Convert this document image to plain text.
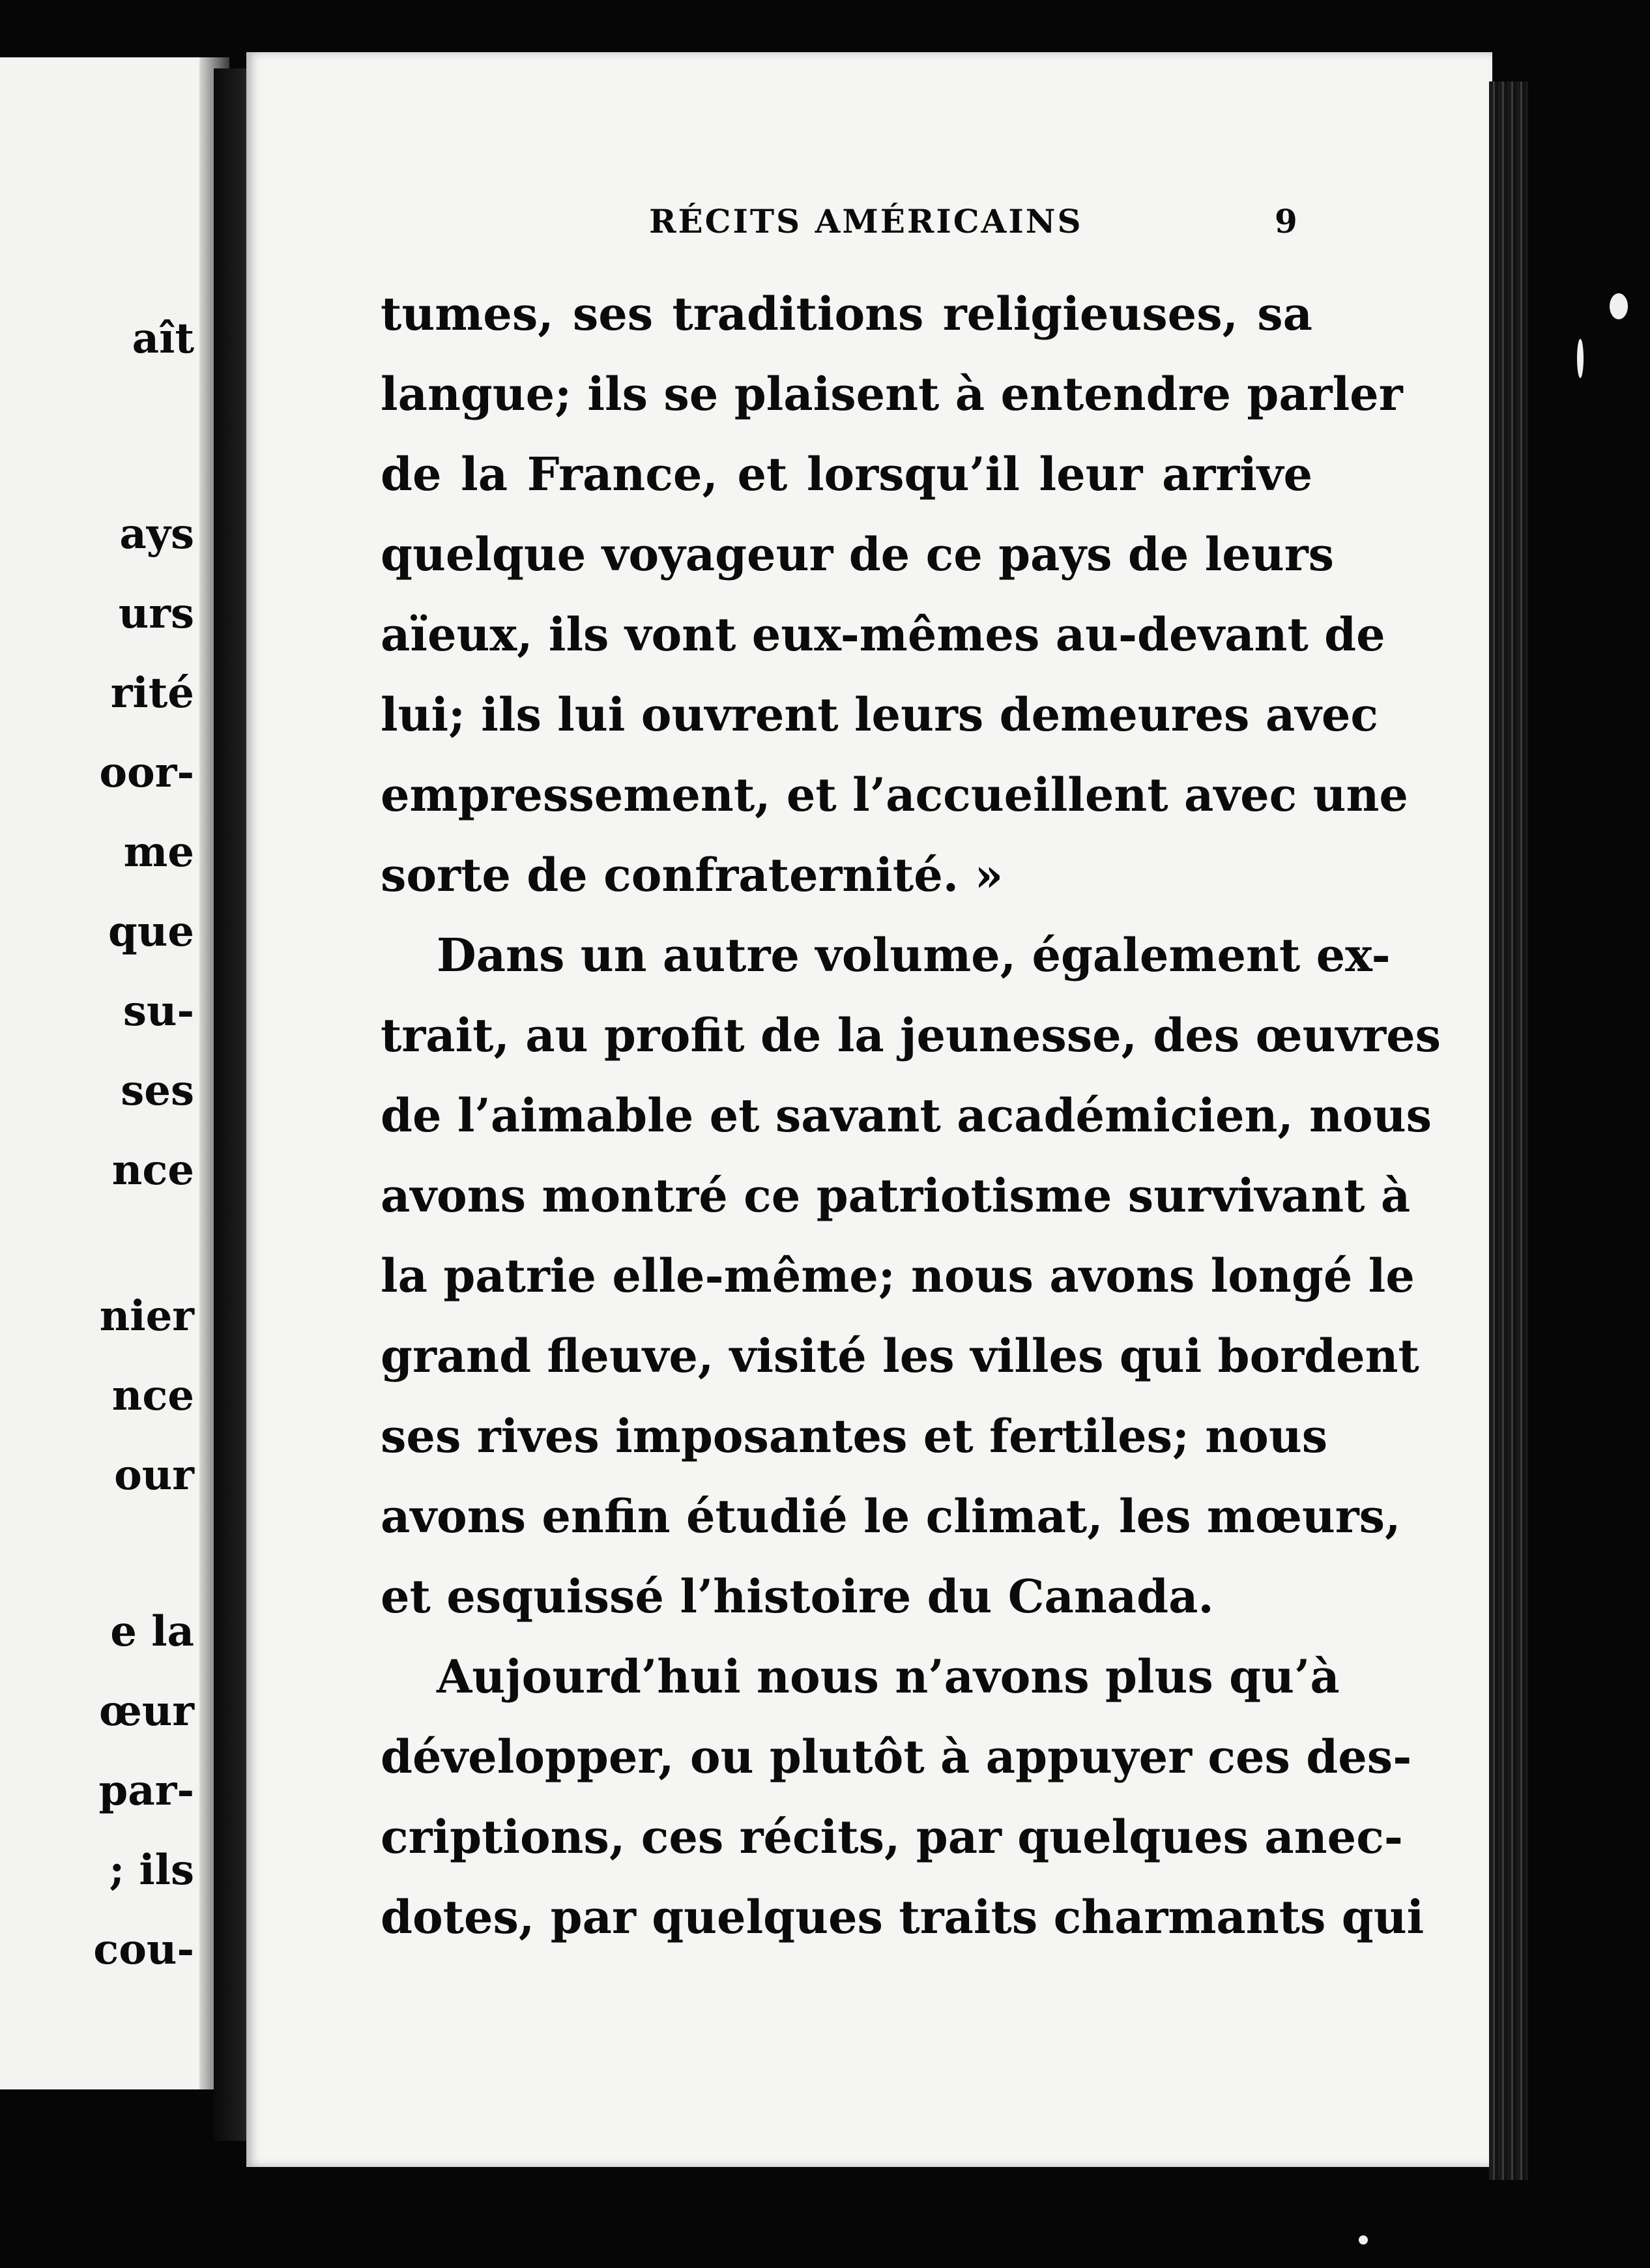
aît
ays
urs
rité
oor-
me
que
su-
ses
nce
nier
nce
our
e la
œur
par-
; ils
cou-
RÉCITS AMÉRICAINS	9
tumes, ses traditions religieuses, sa
langue; ils se plaisent à entendre parler
de la France, et lorsqu’il leur arrive
quelque voyageur de ce pays de leurs
aïeux, ils vont eux-mêmes au-devant de
lui; ils lui ouvrent leurs demeures avec
empressement, et l’accueillent avec une
sorte de confraternité. »
Dans un autre volume, également ex-
trait, au profit de la jeunesse, des œuvres
de l’aimable et savant académicien, nous
avons montré ce patriotisme survivant à
la patrie elle-même; nous avons longé le
grand fleuve, visité les villes qui bordent
ses rives imposantes et fertiles; nous
avons enfin étudié le climat, les mœurs,
et esquissé l’histoire du Canada.
Aujourd’hui nous n’avons plus qu’à
développer, ou plutôt à appuyer ces des-
criptions, ces récits, par quelques anec-
dotes, par quelques traits charmants qui
